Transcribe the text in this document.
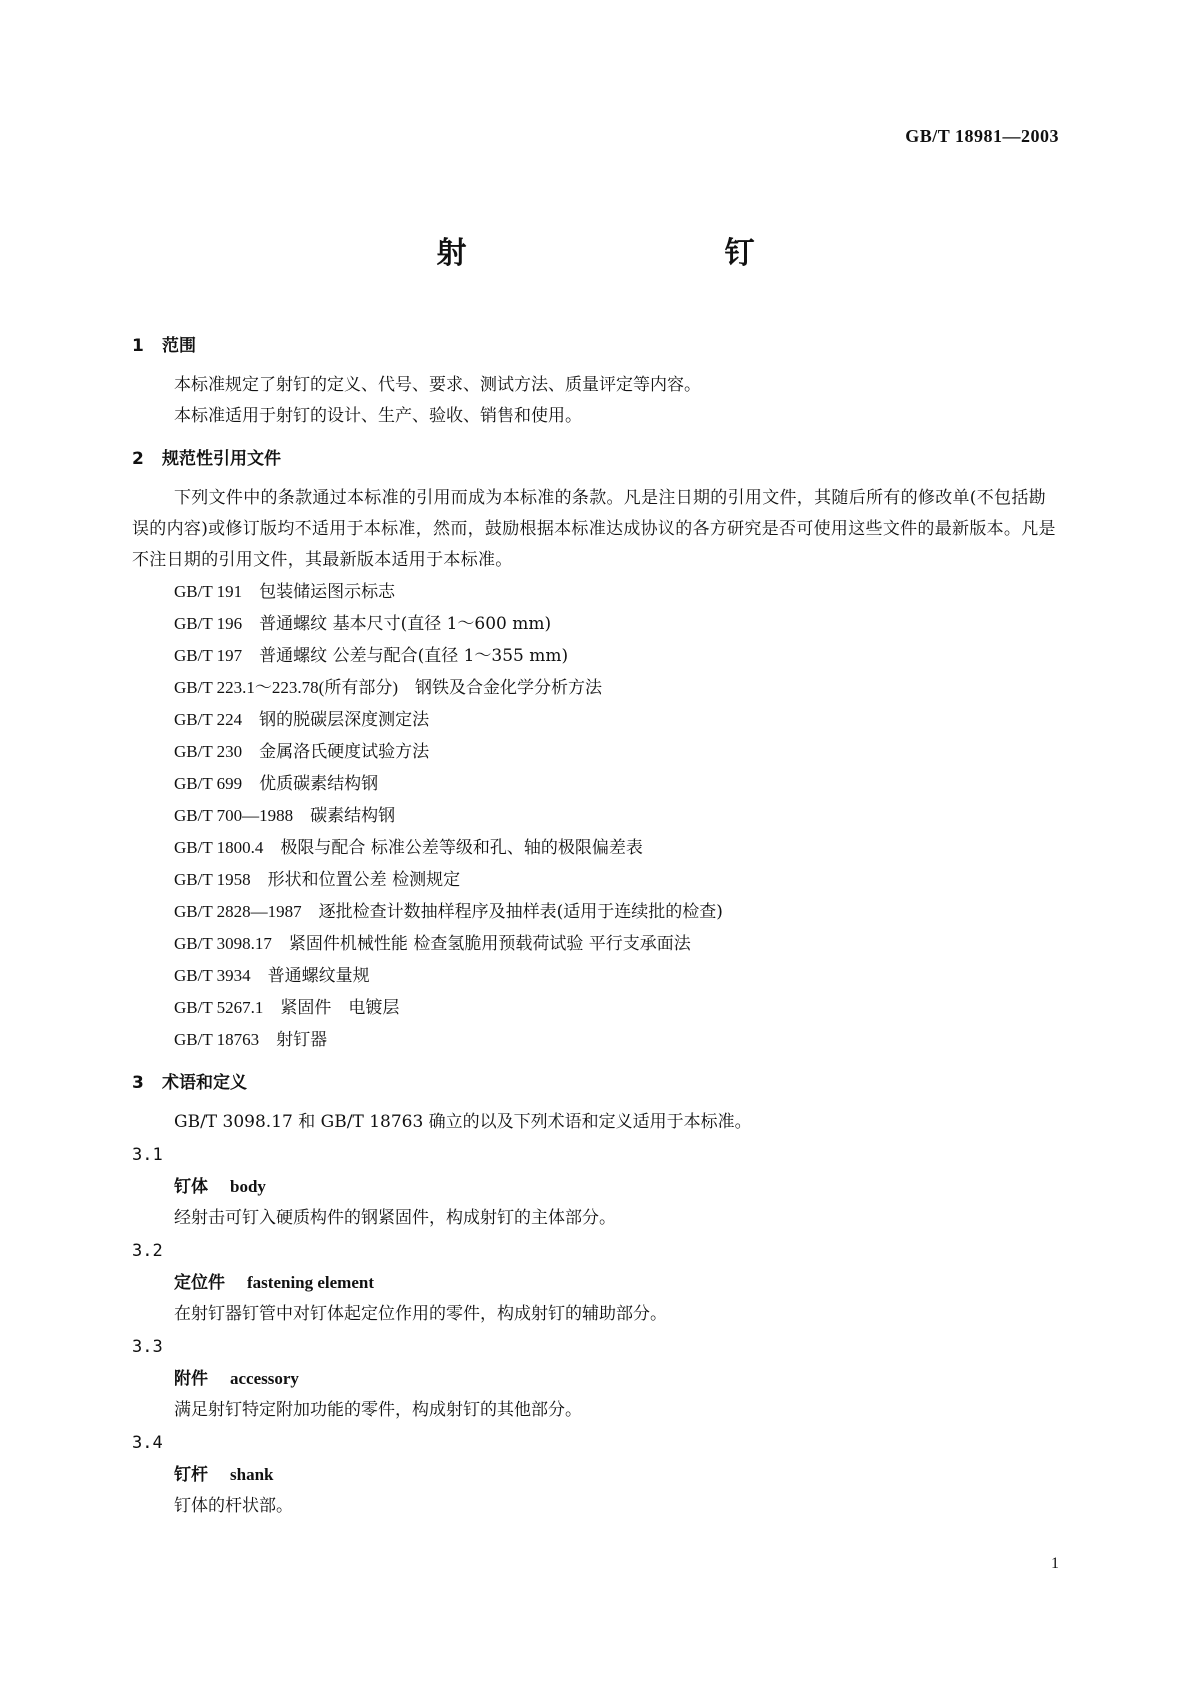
GB/T 18981—2003
射　　钉
1 范围
本标准规定了射钉的定义、代号、要求、测试方法、质量评定等内容。
本标准适用于射钉的设计、生产、验收、销售和使用。
2 规范性引用文件
下列文件中的条款通过本标准的引用而成为本标准的条款。凡是注日期的引用文件，其随后所有的修改单(不包括勘误的内容)或修订版均不适用于本标准，然而，鼓励根据本标准达成协议的各方研究是否可使用这些文件的最新版本。凡是不注日期的引用文件，其最新版本适用于本标准。
GB/T 191　 包装储运图示标志
GB/T 196　 普通螺纹 基本尺寸(直径 1～600 mm)
GB/T 197　 普通螺纹 公差与配合(直径 1～355 mm)
GB/T 223.1～223.78(所有部分)　 钢铁及合金化学分析方法
GB/T 224　 钢的脱碳层深度测定法
GB/T 230　 金属洛氏硬度试验方法
GB/T 699　 优质碳素结构钢
GB/T 700—1988　 碳素结构钢
GB/T 1800.4　 极限与配合 标准公差等级和孔、轴的极限偏差表
GB/T 1958　 形状和位置公差 检测规定
GB/T 2828—1987　 逐批检查计数抽样程序及抽样表(适用于连续批的检查)
GB/T 3098.17　 紧固件机械性能 检查氢脆用预载荷试验 平行支承面法
GB/T 3934　 普通螺纹量规
GB/T 5267.1　 紧固件　电镀层
GB/T 18763　 射钉器
3 术语和定义
GB/T 3098.17 和 GB/T 18763 确立的以及下列术语和定义适用于本标准。
3.1
钉体 body
经射击可钉入硬质构件的钢紧固件，构成射钉的主体部分。
3.2
定位件 fastening element
在射钉器钉管中对钉体起定位作用的零件，构成射钉的辅助部分。
3.3
附件 accessory
满足射钉特定附加功能的零件，构成射钉的其他部分。
3.4
钉杆 shank
钉体的杆状部。
1
